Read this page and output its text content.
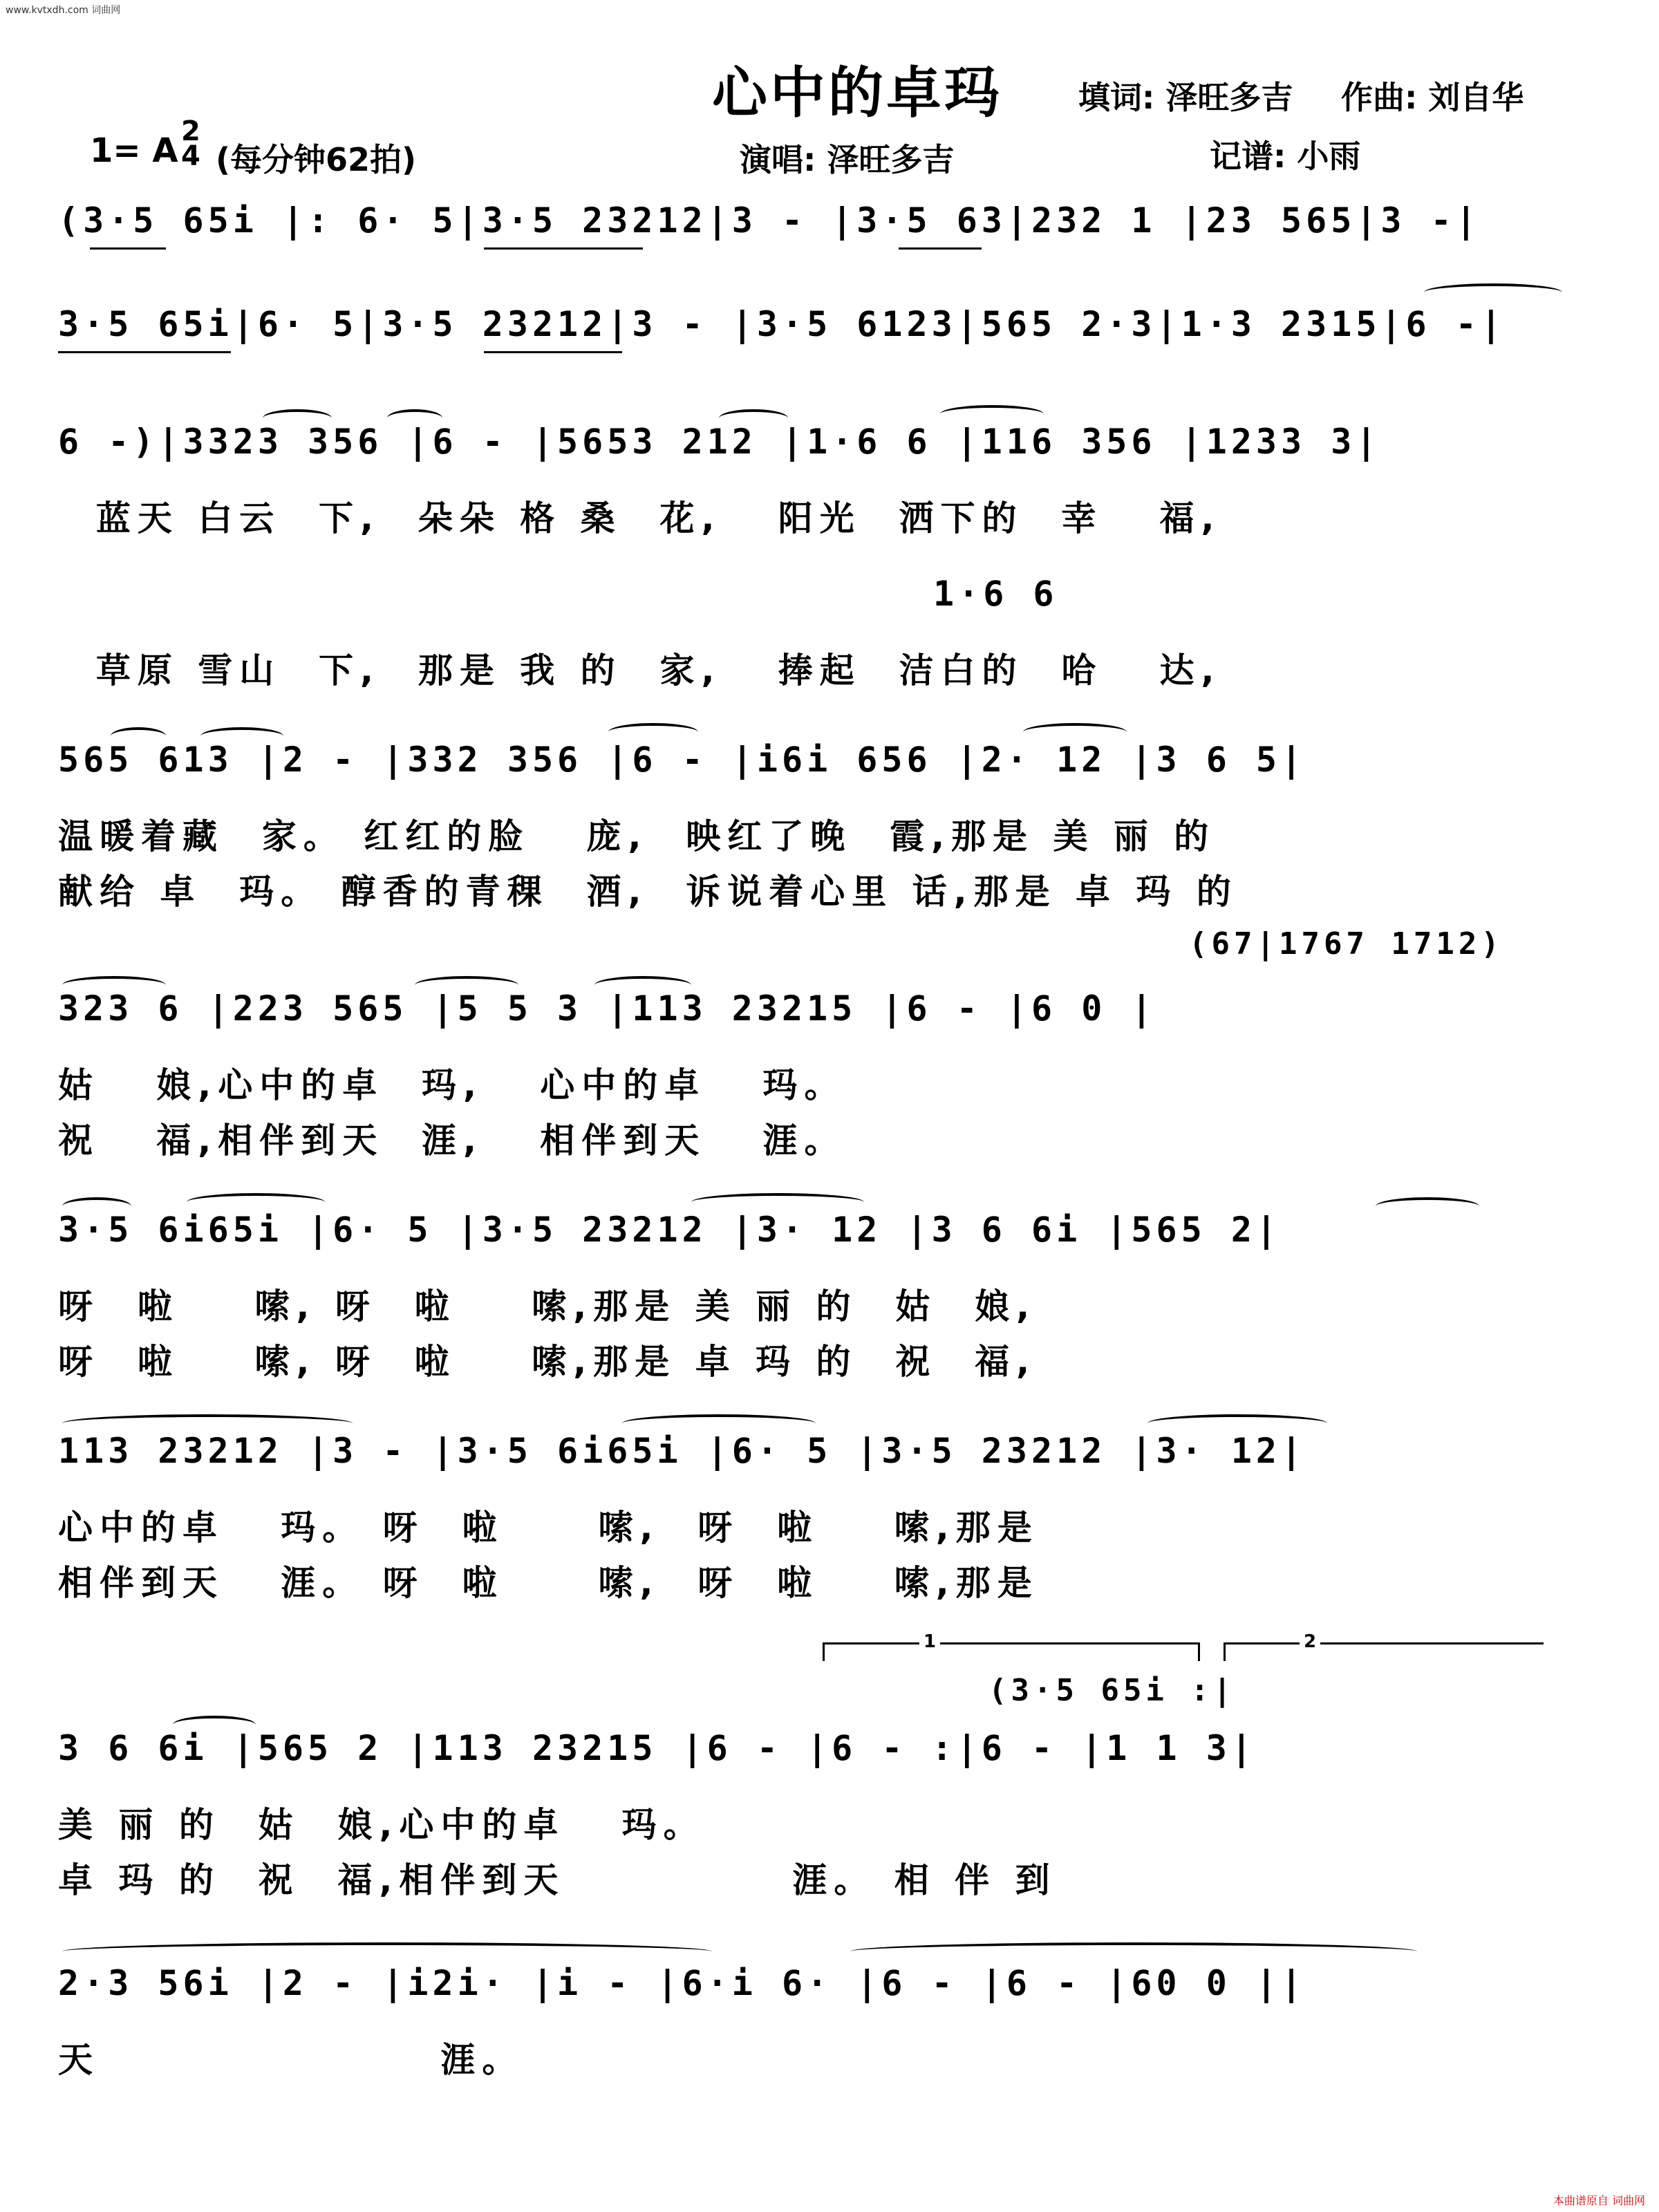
www.kvtxdh.com 词曲网
心中的卓玛 填词: 泽旺多吉 作曲: 刘自华
1= A 2
4 (每分钟62拍)	演唱: 泽旺多吉	记谱: 小雨
(3·5 65i |: 6· 5|3·5 23212|3 - |3·5 63|232 1 |23 565|3 -|
3·5 65i|6· 5|3·5 23212|3 - |3·5 6123|565 2·3|1·3 2315|6 -|
6 -)|3323 356 |6 - |5653 212 |1·6 6 |116 356 |1233 3|
蓝天 白云  下,  朵朵 格 桑  花,   阳光  洒下的  幸   福,
1·6 6
草原 雪山  下,  那是 我 的  家,   捧起  洁白的  哈   达,
565 613 |2 - |332 356 |6 - |i6i 656 |2· 12 |3 6 5|
温暖着藏  家。 红红的脸   庞,  映红了晚  霞,那是 美 丽 的
献给 卓  玛。 醇香的青稞  酒,  诉说着心里 话,那是 卓 玛 的
(67|1767 1712)
323 6 |223 565 |5 5 3 |113 23215 |6 - |6 0 |
姑   娘,心中的卓  玛,   心中的卓   玛。
祝   福,相伴到天  涯,   相伴到天   涯。
3·5 6i65i |6· 5 |3·5 23212 |3· 12 |3 6 6i |565 2|
呀  啦    嗦, 呀  啦    嗦,那是 美 丽 的  姑  娘,
呀  啦    嗦, 呀  啦    嗦,那是 卓 玛 的  祝  福,
113 23212 |3 - |3·5 6i65i |6· 5 |3·5 23212 |3· 12|
心中的卓   玛。 呀  啦     嗦,  呀  啦    嗦,那是
相伴到天   涯。 呀  啦     嗦,  呀  啦    嗦,那是
1	2
(3·5 65i :|
3 6 6i |565 2 |113 23215 |6 - |6 - :|6 - |1 1 3|
美 丽 的  姑  娘,心中的卓   玛。
卓 玛 的  祝  福,相伴到天            涯。 相 伴 到
2·3 56i |2 - |i2i· |i - |6·i 6· |6 - |6 - |60 0 ||
天                  涯。
本曲谱原自 词曲网
